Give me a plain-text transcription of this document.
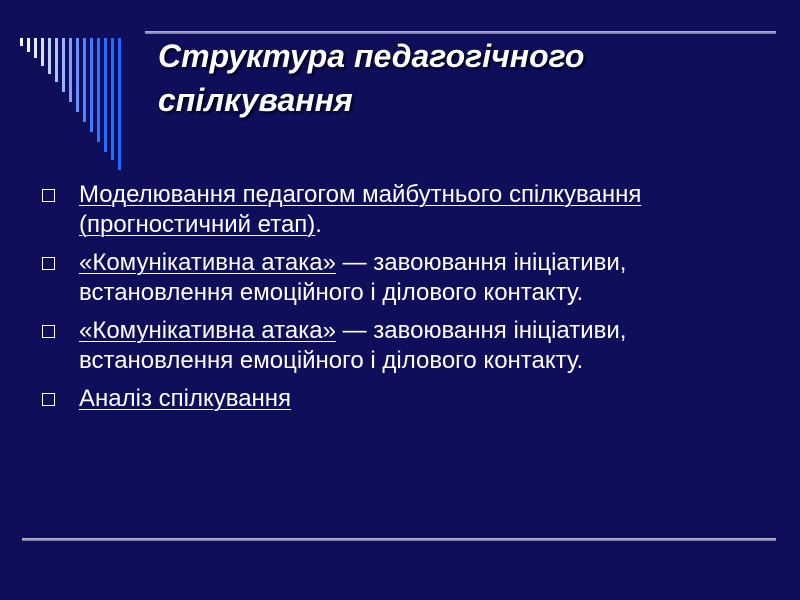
Структура педагогічного
спілкування
Моделювання педагогом майбутнього спілкування (прогностичний етап).
«Комунікативна атака» — завоювання ініціативи, встановлення емоційного і ділового контакту.
«Комунікативна атака» — завоювання ініціативи, встановлення емоційного і ділового контакту.
Аналіз спілкування
